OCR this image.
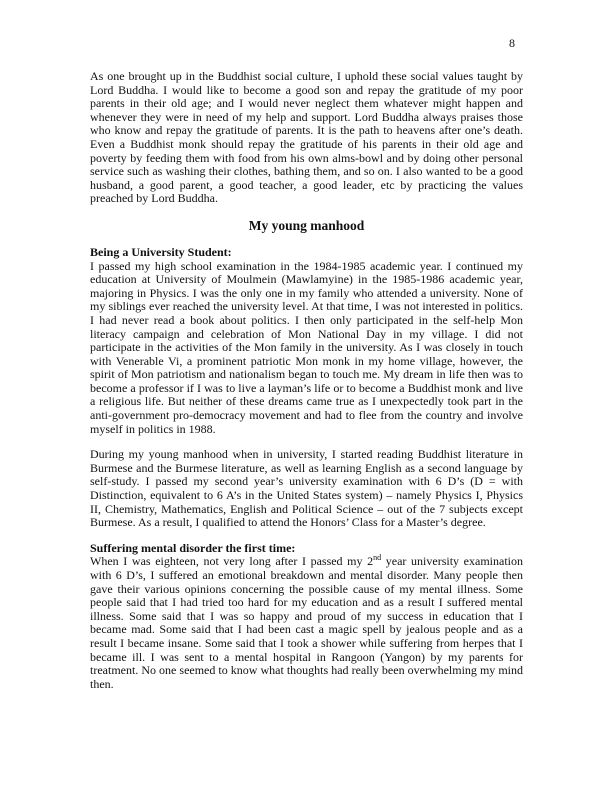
8

As one brought up in the Buddhist social culture, I uphold these social values taught by Lord Buddha. I would like to become a good son and repay the gratitude of my poor parents in their old age; and I would never neglect them whatever might happen and whenever they were in need of my help and support. Lord Buddha always praises those who know and repay the gratitude of parents. It is the path to heavens after one’s death. Even a Buddhist monk should repay the gratitude of his parents in their old age and poverty by feeding them with food from his own alms-bowl and by doing other personal service such as washing their clothes, bathing them, and so on. I also wanted to be a good husband, a good parent, a good teacher, a good leader, etc by practicing the values preached by Lord Buddha.

My young manhood

Being a University Student:

I passed my high school examination in the 1984-1985 academic year. I continued my education at University of Moulmein (Mawlamyine) in the 1985-1986 academic year, majoring in Physics. I was the only one in my family who attended a university. None of my siblings ever reached the university level. At that time, I was not interested in politics. I had never read a book about politics. I then only participated in the self-help Mon literacy campaign and celebration of Mon National Day in my village. I did not participate in the activities of the Mon family in the university. As I was closely in touch with Venerable Vi, a prominent patriotic Mon monk in my home village, however, the spirit of Mon patriotism and nationalism began to touch me. My dream in life then was to become a professor if I was to live a layman’s life or to become a Buddhist monk and live a religious life. But neither of these dreams came true as I unexpectedly took part in the anti-government pro-democracy movement and had to flee from the country and involve myself in politics in 1988.

During my young manhood when in university, I started reading Buddhist literature in Burmese and the Burmese literature, as well as learning English as a second language by self-study. I passed my second year’s university examination with 6 D’s (D = with Distinction, equivalent to 6 A’s in the United States system) – namely Physics I, Physics II, Chemistry, Mathematics, English and Political Science – out of the 7 subjects except Burmese. As a result, I qualified to attend the Honors’ Class for a Master’s degree.

Suffering mental disorder the first time:

When I was eighteen, not very long after I passed my 2nd year university examination with 6 D’s, I suffered an emotional breakdown and mental disorder. Many people then gave their various opinions concerning the possible cause of my mental illness. Some people said that I had tried too hard for my education and as a result I suffered mental illness. Some said that I was so happy and proud of my success in education that I became mad. Some said that I had been cast a magic spell by jealous people and as a result I became insane. Some said that I took a shower while suffering from herpes that I became ill. I was sent to a mental hospital in Rangoon (Yangon) by my parents for treatment. No one seemed to know what thoughts had really been overwhelming my mind then.
